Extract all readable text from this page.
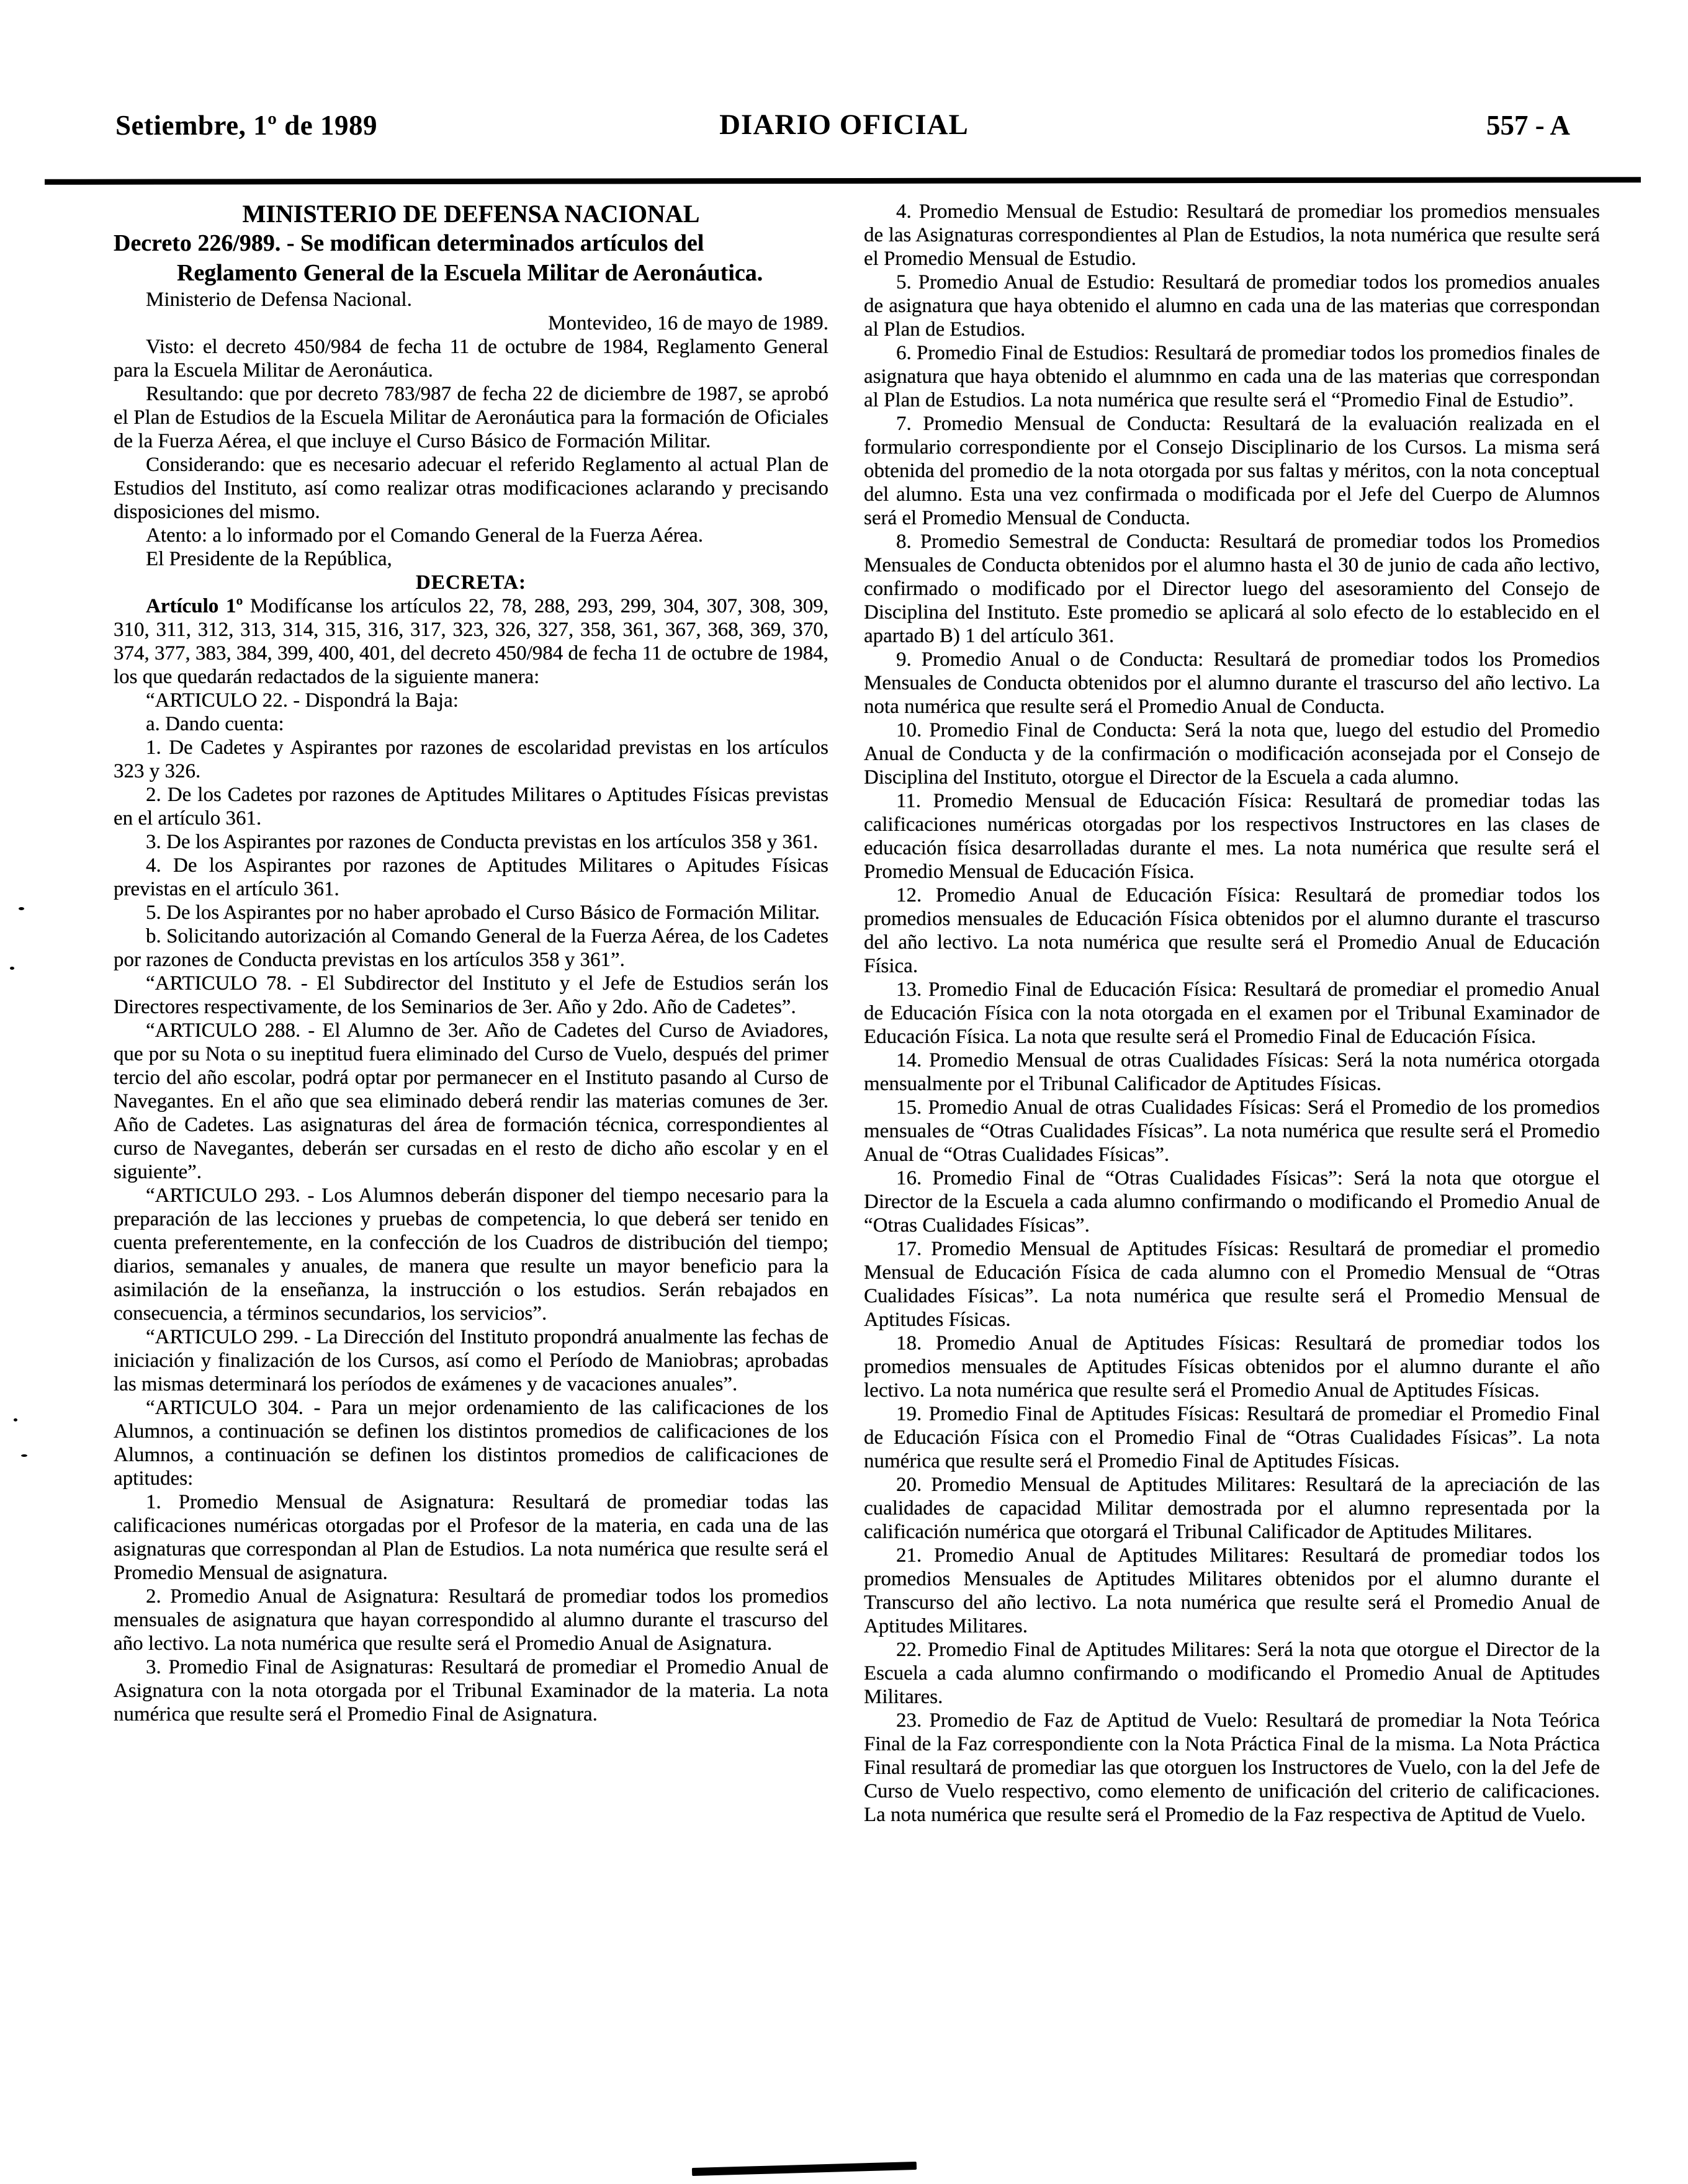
Setiembre, 1º de 1989	DIARIO OFICIAL	557 - A

MINISTERIO DE DEFENSA NACIONAL

Decreto 226/989. - Se modifican determinados artículos del Reglamento General de la Escuela Militar de Aeronáutica.

Ministerio de Defensa Nacional.

Montevideo, 16 de mayo de 1989.

Visto: el decreto 450/984 de fecha 11 de octubre de 1984, Reglamento General para la Escuela Militar de Aeronáutica.

Resultando: que por decreto 783/987 de fecha 22 de diciembre de 1987, se aprobó el Plan de Estudios de la Escuela Militar de Aeronáutica para la formación de Oficiales de la Fuerza Aérea, el que incluye el Curso Básico de Formación Militar.

Considerando: que es necesario adecuar el referido Reglamento al actual Plan de Estudios del Instituto, así como realizar otras modificaciones aclarando y precisando disposiciones del mismo.

Atento: a lo informado por el Comando General de la Fuerza Aérea.

El Presidente de la República,

DECRETA:

Artículo 1º Modifícanse los artículos 22, 78, 288, 293, 299, 304, 307, 308, 309, 310, 311, 312, 313, 314, 315, 316, 317, 323, 326, 327, 358, 361, 367, 368, 369, 370, 374, 377, 383, 384, 399, 400, 401, del decreto 450/984 de fecha 11 de octubre de 1984, los que quedarán redactados de la siguiente manera:

“ARTICULO 22. - Dispondrá la Baja:

a. Dando cuenta:

1. De Cadetes y Aspirantes por razones de escolaridad previstas en los artículos 323 y 326.

2. De los Cadetes por razones de Aptitudes Militares o Aptitudes Físicas previstas en el artículo 361.

3. De los Aspirantes por razones de Conducta previstas en los artículos 358 y 361.

4. De los Aspirantes por razones de Aptitudes Militares o Apitudes Físicas previstas en el artículo 361.

5. De los Aspirantes por no haber aprobado el Curso Básico de Formación Militar.

b. Solicitando autorización al Comando General de la Fuerza Aérea, de los Cadetes por razones de Conducta previstas en los artículos 358 y 361”.

“ARTICULO 78. - El Subdirector del Instituto y el Jefe de Estudios serán los Directores respectivamente, de los Seminarios de 3er. Año y 2do. Año de Cadetes”.

“ARTICULO 288. - El Alumno de 3er. Año de Cadetes del Curso de Aviadores, que por su Nota o su ineptitud fuera eliminado del Curso de Vuelo, después del primer tercio del año escolar, podrá optar por permanecer en el Instituto pasando al Curso de Navegantes. En el año que sea eliminado deberá rendir las materias comunes de 3er. Año de Cadetes. Las asignaturas del área de formación técnica, correspondientes al curso de Navegantes, deberán ser cursadas en el resto de dicho año escolar y en el siguiente”.

“ARTICULO 293. - Los Alumnos deberán disponer del tiempo necesario para la preparación de las lecciones y pruebas de competencia, lo que deberá ser tenido en cuenta preferentemente, en la confección de los Cuadros de distribución del tiempo; diarios, semanales y anuales, de manera que resulte un mayor beneficio para la asimilación de la enseñanza, la instrucción o los estudios. Serán rebajados en consecuencia, a términos secundarios, los servicios”.

“ARTICULO 299. - La Dirección del Instituto propondrá anualmente las fechas de iniciación y finalización de los Cursos, así como el Período de Maniobras; aprobadas las mismas determinará los períodos de exámenes y de vacaciones anuales”.

“ARTICULO 304. - Para un mejor ordenamiento de las calificaciones de los Alumnos, a continuación se definen los distintos promedios de calificaciones de los Alumnos, a continuación se definen los distintos promedios de calificaciones de aptitudes:

1. Promedio Mensual de Asignatura: Resultará de promediar todas las calificaciones numéricas otorgadas por el Profesor de la materia, en cada una de las asignaturas que correspondan al Plan de Estudios. La nota numérica que resulte será el Promedio Mensual de asignatura.

2. Promedio Anual de Asignatura: Resultará de promediar todos los promedios mensuales de asignatura que hayan correspondido al alumno durante el trascurso del año lectivo. La nota numérica que resulte será el Promedio Anual de Asignatura.

3. Promedio Final de Asignaturas: Resultará de promediar el Promedio Anual de Asignatura con la nota otorgada por el Tribunal Examinador de la materia. La nota numérica que resulte será el Promedio Final de Asignatura.

4. Promedio Mensual de Estudio: Resultará de promediar los promedios mensuales de las Asignaturas correspondientes al Plan de Estudios, la nota numérica que resulte será el Promedio Mensual de Estudio.

5. Promedio Anual de Estudio: Resultará de promediar todos los promedios anuales de asignatura que haya obtenido el alumno en cada una de las materias que correspondan al Plan de Estudios.

6. Promedio Final de Estudios: Resultará de promediar todos los promedios finales de asignatura que haya obtenido el alumnmo en cada una de las materias que correspondan al Plan de Estudios. La nota numérica que resulte será el “Promedio Final de Estudio”.

7. Promedio Mensual de Conducta: Resultará de la evaluación realizada en el formulario correspondiente por el Consejo Disciplinario de los Cursos. La misma será obtenida del promedio de la nota otorgada por sus faltas y méritos, con la nota conceptual del alumno. Esta una vez confirmada o modificada por el Jefe del Cuerpo de Alumnos será el Promedio Mensual de Conducta.

8. Promedio Semestral de Conducta: Resultará de promediar todos los Promedios Mensuales de Conducta obtenidos por el alumno hasta el 30 de junio de cada año lectivo, confirmado o modificado por el Director luego del asesoramiento del Consejo de Disciplina del Instituto. Este promedio se aplicará al solo efecto de lo establecido en el apartado B) 1 del artículo 361.

9. Promedio Anual o de Conducta: Resultará de promediar todos los Promedios Mensuales de Conducta obtenidos por el alumno durante el trascurso del año lectivo. La nota numérica que resulte será el Promedio Anual de Conducta.

10. Promedio Final de Conducta: Será la nota que, luego del estudio del Promedio Anual de Conducta y de la confirmación o modificación aconsejada por el Consejo de Disciplina del Instituto, otorgue el Director de la Escuela a cada alumno.

11. Promedio Mensual de Educación Física: Resultará de promediar todas las calificaciones numéricas otorgadas por los respectivos Instructores en las clases de educación física desarrolladas durante el mes. La nota numérica que resulte será el Promedio Mensual de Educación Física.

12. Promedio Anual de Educación Física: Resultará de promediar todos los promedios mensuales de Educación Física obtenidos por el alumno durante el trascurso del año lectivo. La nota numérica que resulte será el Promedio Anual de Educación Física.

13. Promedio Final de Educación Física: Resultará de promediar el promedio Anual de Educación Física con la nota otorgada en el examen por el Tribunal Examinador de Educación Física. La nota que resulte será el Promedio Final de Educación Física.

14. Promedio Mensual de otras Cualidades Físicas: Será la nota numérica otorgada mensualmente por el Tribunal Calificador de Aptitudes Físicas.

15. Promedio Anual de otras Cualidades Físicas: Será el Promedio de los promedios mensuales de “Otras Cualidades Físicas”. La nota numérica que resulte será el Promedio Anual de “Otras Cualidades Físicas”.

16. Promedio Final de “Otras Cualidades Físicas”: Será la nota que otorgue el Director de la Escuela a cada alumno confirmando o modificando el Promedio Anual de “Otras Cualidades Físicas”.

17. Promedio Mensual de Aptitudes Físicas: Resultará de promediar el promedio Mensual de Educación Física de cada alumno con el Promedio Mensual de “Otras Cualidades Físicas”. La nota numérica que resulte será el Promedio Mensual de Aptitudes Físicas.

18. Promedio Anual de Aptitudes Físicas: Resultará de promediar todos los promedios mensuales de Aptitudes Físicas obtenidos por el alumno durante el año lectivo. La nota numérica que resulte será el Promedio Anual de Aptitudes Físicas.

19. Promedio Final de Aptitudes Físicas: Resultará de promediar el Promedio Final de Educación Física con el Promedio Final de “Otras Cualidades Físicas”. La nota numérica que resulte será el Promedio Final de Aptitudes Físicas.

20. Promedio Mensual de Aptitudes Militares: Resultará de la apreciación de las cualidades de capacidad Militar demostrada por el alumno representada por la calificación numérica que otorgará el Tribunal Calificador de Aptitudes Militares.

21. Promedio Anual de Aptitudes Militares: Resultará de promediar todos los promedios Mensuales de Aptitudes Militares obtenidos por el alumno durante el Transcurso del año lectivo. La nota numérica que resulte será el Promedio Anual de Aptitudes Militares.

22. Promedio Final de Aptitudes Militares: Será la nota que otorgue el Director de la Escuela a cada alumno confirmando o modificando el Promedio Anual de Aptitudes Militares.

23. Promedio de Faz de Aptitud de Vuelo: Resultará de promediar la Nota Teórica Final de la Faz correspondiente con la Nota Práctica Final de la misma. La Nota Práctica Final resultará de promediar las que otorguen los Instructores de Vuelo, con la del Jefe de Curso de Vuelo respectivo, como elemento de unificación del criterio de calificaciones. La nota numérica que resulte será el Promedio de la Faz respectiva de Aptitud de Vuelo.
